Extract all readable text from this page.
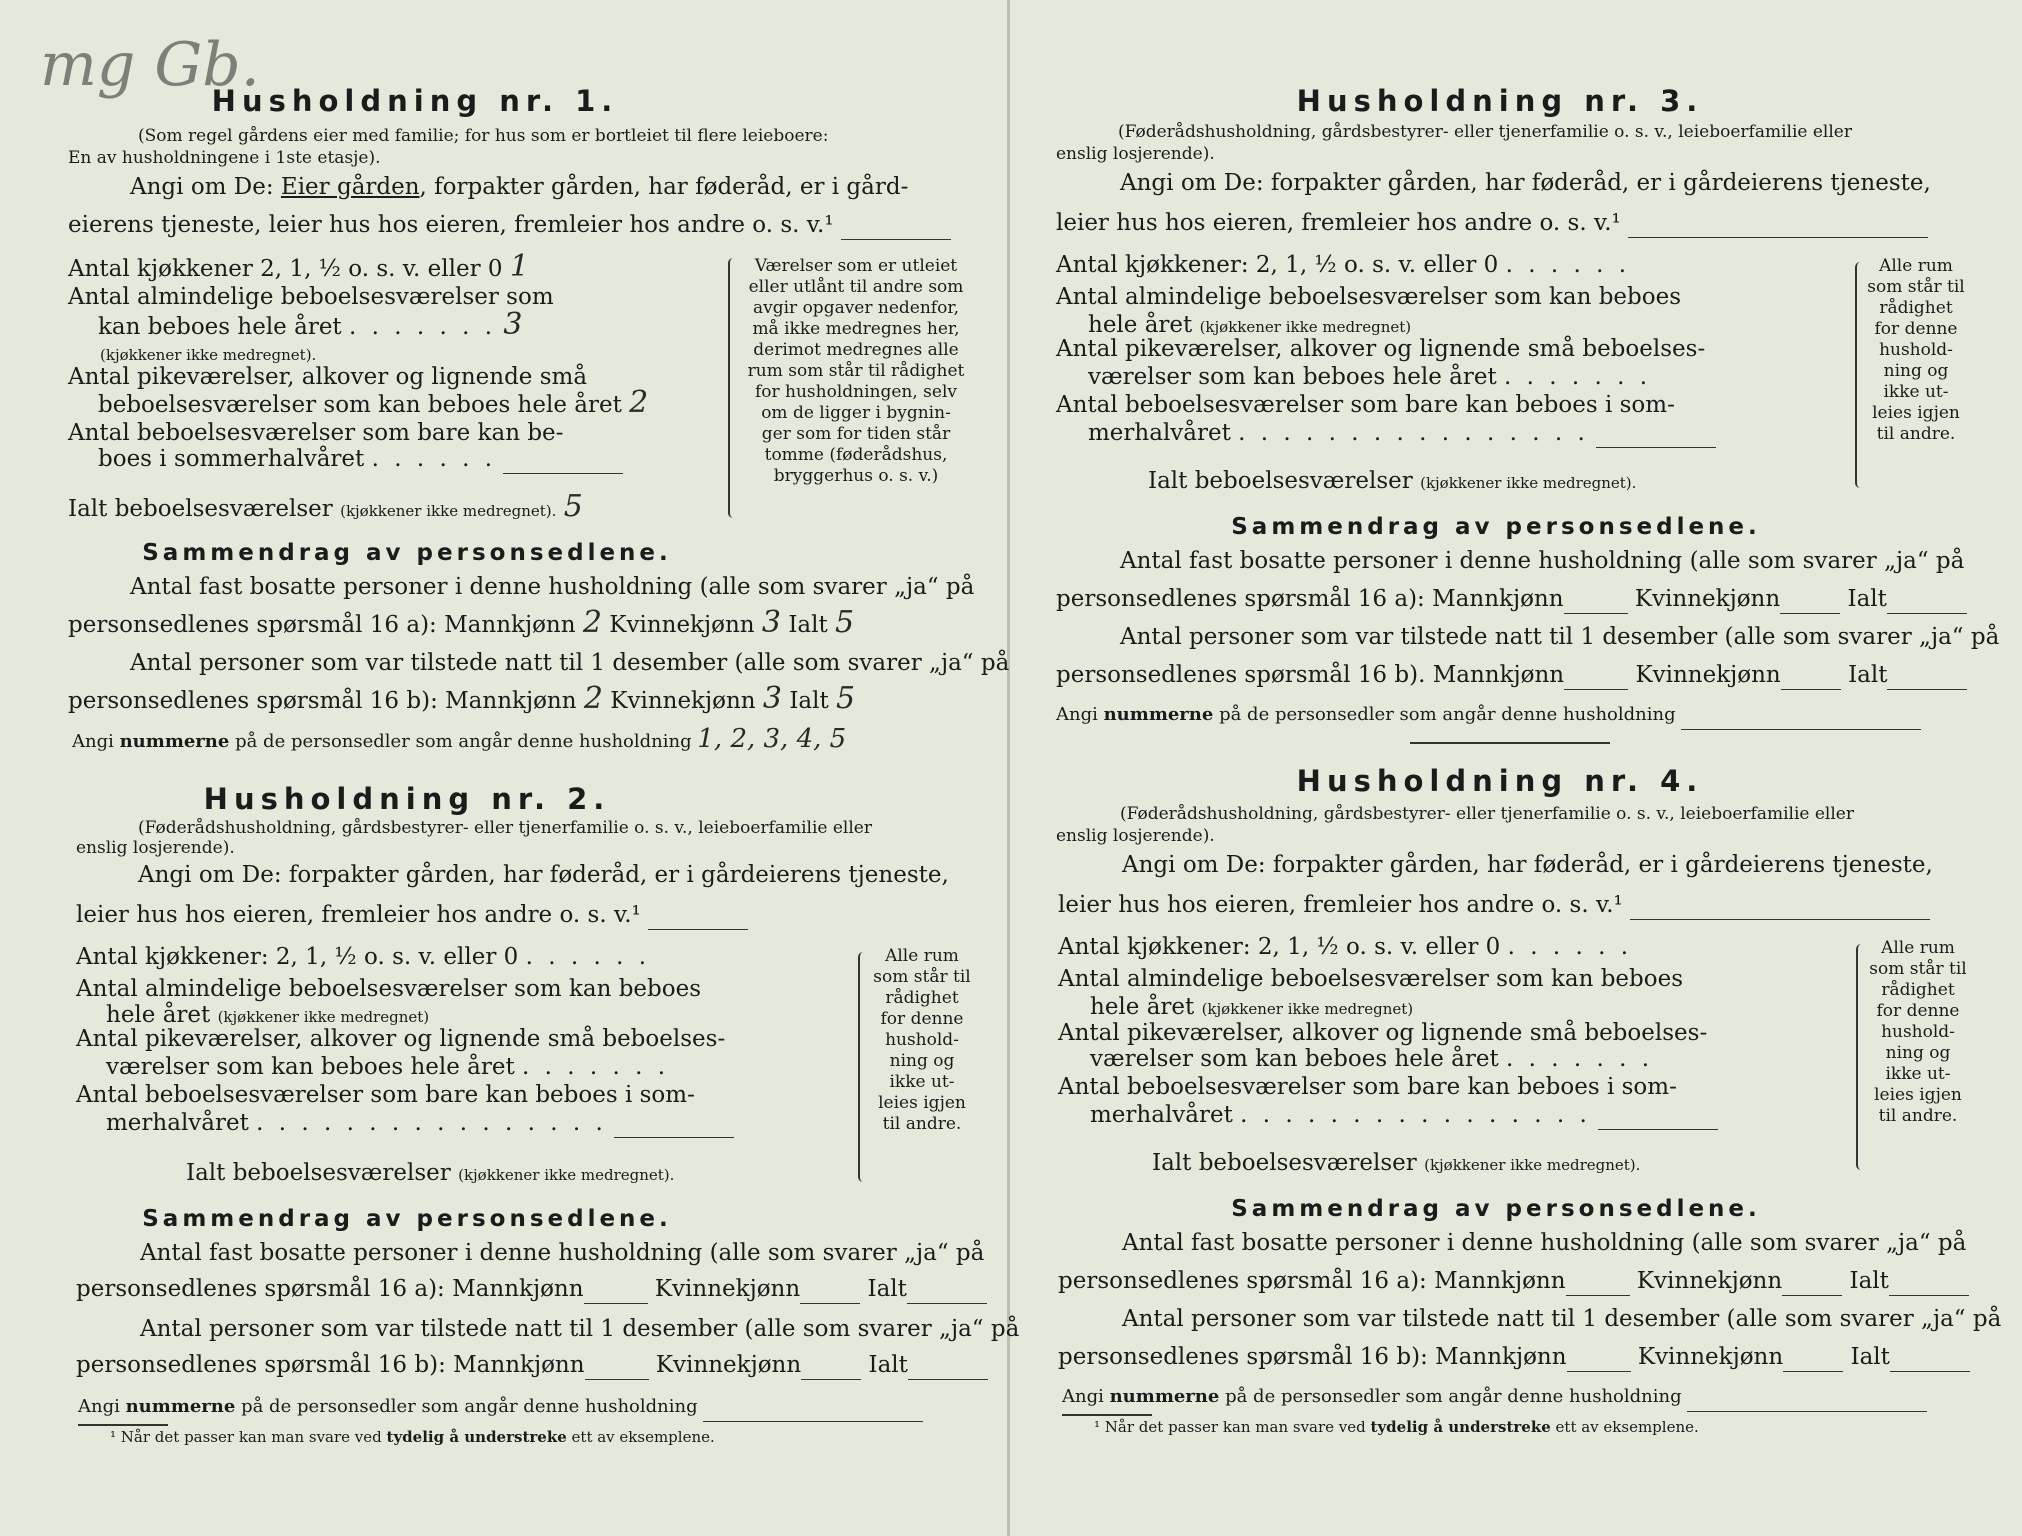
mg Gb.
Husholdning nr. 1.
(Som regel gårdens eier med familie; for hus som er bortleiet til flere leieboere:
En av husholdningene i 1ste etasje).
Angi om De: Eier gården, forpakter gården, har føderåd, er i gård-
eierens tjeneste, leier hus hos eieren, fremleier hos andre o. s. v.¹
Antal kjøkkener 2, 1, ½ o. s. v. eller 0 1
Antal almindelige beboelsesværelser som
kan beboes hele året . . . . . . . 3
(kjøkkener ikke medregnet).
Antal pikeværelser, alkover og lignende små
beboelsesværelser som kan beboes hele året 2
Antal beboelsesværelser som bare kan be-
boes i sommerhalvåret . . . . . .
Ialt beboelsesværelser (kjøkkener ikke medregnet). 5
Værelser som er utleiet
eller utlånt til andre som
avgir opgaver nedenfor,
må ikke medregnes her,
derimot medregnes alle
rum som står til rådighet
for husholdningen, selv
om de ligger i bygnin-
ger som for tiden står
tomme (føderådshus,
bryggerhus o. s. v.)
Sammendrag av personsedlene.
Antal fast bosatte personer i denne husholdning (alle som svarer „ja“ på
personsedlenes spørsmål 16 a): Mannkjønn 2 Kvinnekjønn 3 Ialt 5
Antal personer som var tilstede natt til 1 desember (alle som svarer „ja“ på
personsedlenes spørsmål 16 b): Mannkjønn 2 Kvinnekjønn 3 Ialt 5
Angi nummerne på de personsedler som angår denne husholdning 1, 2, 3, 4, 5
Husholdning nr. 2.
(Føderådshusholdning, gårdsbestyrer- eller tjenerfamilie o. s. v., leieboerfamilie eller
enslig losjerende).
Angi om De: forpakter gården, har føderåd, er i gårdeierens tjeneste,
leier hus hos eieren, fremleier hos andre o. s. v.¹
Antal kjøkkener: 2, 1, ½ o. s. v. eller 0 . . . . . .
Antal almindelige beboelsesværelser som kan beboes
hele året (kjøkkener ikke medregnet)
Antal pikeværelser, alkover og lignende små beboelses-
værelser som kan beboes hele året . . . . . . .
Antal beboelsesværelser som bare kan beboes i som-
merhalvåret . . . . . . . . . . . . . . . .
Ialt beboelsesværelser (kjøkkener ikke medregnet).
Alle rum
som står til
rådighet
for denne
hushold-
ning og
ikke ut-
leies igjen
til andre.
Sammendrag av personsedlene.
Antal fast bosatte personer i denne husholdning (alle som svarer „ja“ på
personsedlenes spørsmål 16 a): Mannkjønn	Kvinnekjønn	Ialt
Antal personer som var tilstede natt til 1 desember (alle som svarer „ja“ på
personsedlenes spørsmål 16 b): Mannkjønn	Kvinnekjønn	Ialt
Angi nummerne på de personsedler som angår denne husholdning
¹ Når det passer kan man svare ved tydelig å understreke ett av eksemplene.
Husholdning nr. 3.
(Føderådshusholdning, gårdsbestyrer- eller tjenerfamilie o. s. v., leieboerfamilie eller
enslig losjerende).
Angi om De: forpakter gården, har føderåd, er i gårdeierens tjeneste,
leier hus hos eieren, fremleier hos andre o. s. v.¹
Antal kjøkkener: 2, 1, ½ o. s. v. eller 0 . . . . . .
Antal almindelige beboelsesværelser som kan beboes
hele året (kjøkkener ikke medregnet)
Antal pikeværelser, alkover og lignende små beboelses-
værelser som kan beboes hele året . . . . . . .
Antal beboelsesværelser som bare kan beboes i som-
merhalvåret . . . . . . . . . . . . . . . .
Ialt beboelsesværelser (kjøkkener ikke medregnet).
Alle rum
som står til
rådighet
for denne
hushold-
ning og
ikke ut-
leies igjen
til andre.
Sammendrag av personsedlene.
Antal fast bosatte personer i denne husholdning (alle som svarer „ja“ på
personsedlenes spørsmål 16 a): Mannkjønn	Kvinnekjønn	Ialt
Antal personer som var tilstede natt til 1 desember (alle som svarer „ja“ på
personsedlenes spørsmål 16 b). Mannkjønn	Kvinnekjønn	Ialt
Angi nummerne på de personsedler som angår denne husholdning
Husholdning nr. 4.
(Føderådshusholdning, gårdsbestyrer- eller tjenerfamilie o. s. v., leieboerfamilie eller
enslig losjerende).
Angi om De: forpakter gården, har føderåd, er i gårdeierens tjeneste,
leier hus hos eieren, fremleier hos andre o. s. v.¹
Antal kjøkkener: 2, 1, ½ o. s. v. eller 0 . . . . . .
Antal almindelige beboelsesværelser som kan beboes
hele året (kjøkkener ikke medregnet)
Antal pikeværelser, alkover og lignende små beboelses-
værelser som kan beboes hele året . . . . . . .
Antal beboelsesværelser som bare kan beboes i som-
merhalvåret . . . . . . . . . . . . . . . .
Ialt beboelsesværelser (kjøkkener ikke medregnet).
Alle rum
som står til
rådighet
for denne
hushold-
ning og
ikke ut-
leies igjen
til andre.
Sammendrag av personsedlene.
Antal fast bosatte personer i denne husholdning (alle som svarer „ja“ på
personsedlenes spørsmål 16 a): Mannkjønn	Kvinnekjønn	Ialt
Antal personer som var tilstede natt til 1 desember (alle som svarer „ja“ på
personsedlenes spørsmål 16 b): Mannkjønn	Kvinnekjønn	Ialt
Angi nummerne på de personsedler som angår denne husholdning
¹ Når det passer kan man svare ved tydelig å understreke ett av eksemplene.
